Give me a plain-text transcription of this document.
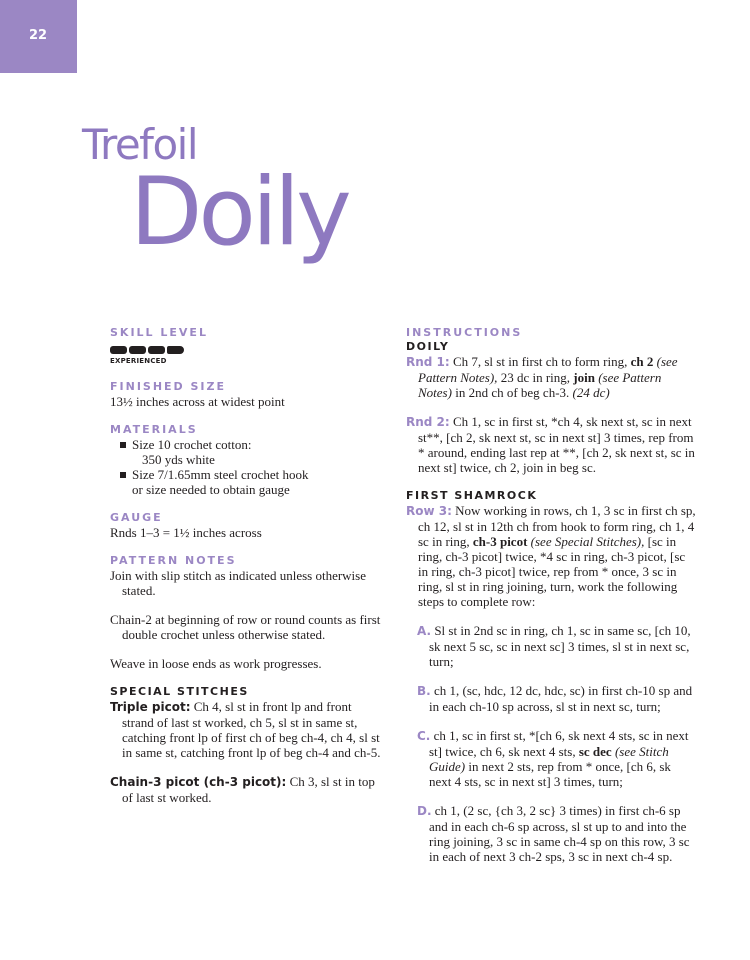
22
Trefoil
Doily
SKILL LEVEL
EXPERIENCED
FINISHED SIZE

13½ inches across at widest point

MATERIALS
Size 10 crochet cotton:
350 yds white
Size 7/1.65mm steel crochet hook
or size needed to obtain gauge
GAUGE

Rnds 1–3 = 1½ inches across

PATTERN NOTES

Join with slip stitch as indicated unless otherwise stated.

Chain-2 at beginning of row or round counts as first double crochet unless otherwise stated.

Weave in loose ends as work progresses.

SPECIAL STITCHES

Triple picot: Ch 4, sl st in front lp and front strand of last st worked, ch 5, sl st in same st, catching front lp of first ch of beg ch-4, ch 4, sl st in same st, catching front lp of beg ch-4 and ch-5.

Chain-3 picot (ch-3 picot): Ch 3, sl st in top of last st worked.

INSTRUCTIONS
DOILY

Rnd 1: Ch 7, sl st in first ch to form ring, ch 2 (see Pattern Notes), 23 dc in ring, join (see Pattern Notes) in 2nd ch of beg ch-3. (24 dc)

Rnd 2: Ch 1, sc in first st, *ch 4, sk next st, sc in next st**, [ch 2, sk next st, sc in next st] 3 times, rep from * around, ending last rep at **, [ch 2, sk next st, sc in next st] twice, ch 2, join in beg sc.

FIRST SHAMROCK

Row 3: Now working in rows, ch 1, 3 sc in first ch sp, ch 12, sl st in 12th ch from hook to form ring, ch 1, 4 sc in ring, ch-3 picot (see Special Stitches), [sc in ring, ch-3 picot] twice, *4 sc in ring, ch-3 picot, [sc in ring, ch-3 picot] twice, rep from * once, 3 sc in ring, sl st in ring joining, turn, work the following steps to complete row:

A. Sl st in 2nd sc in ring, ch 1, sc in same sc, [ch 10, sk next 5 sc, sc in next sc] 3 times, sl st in next sc, turn;

B. ch 1, (sc, hdc, 12 dc, hdc, sc) in first ch-10 sp and in each ch-10 sp across, sl st in next sc, turn;

C. ch 1, sc in first st, *[ch 6, sk next 4 sts, sc in next st] twice, ch 6, sk next 4 sts, sc dec (see Stitch Guide) in next 2 sts, rep from * once, [ch 6, sk next 4 sts, sc in next st] 3 times, turn;

D. ch 1, (2 sc, {ch 3, 2 sc} 3 times) in first ch-6 sp and in each ch-6 sp across, sl st up to and into the ring joining, 3 sc in same ch-4 sp on this row, 3 sc in each of next 3 ch-2 sps, 3 sc in next ch-4 sp.
